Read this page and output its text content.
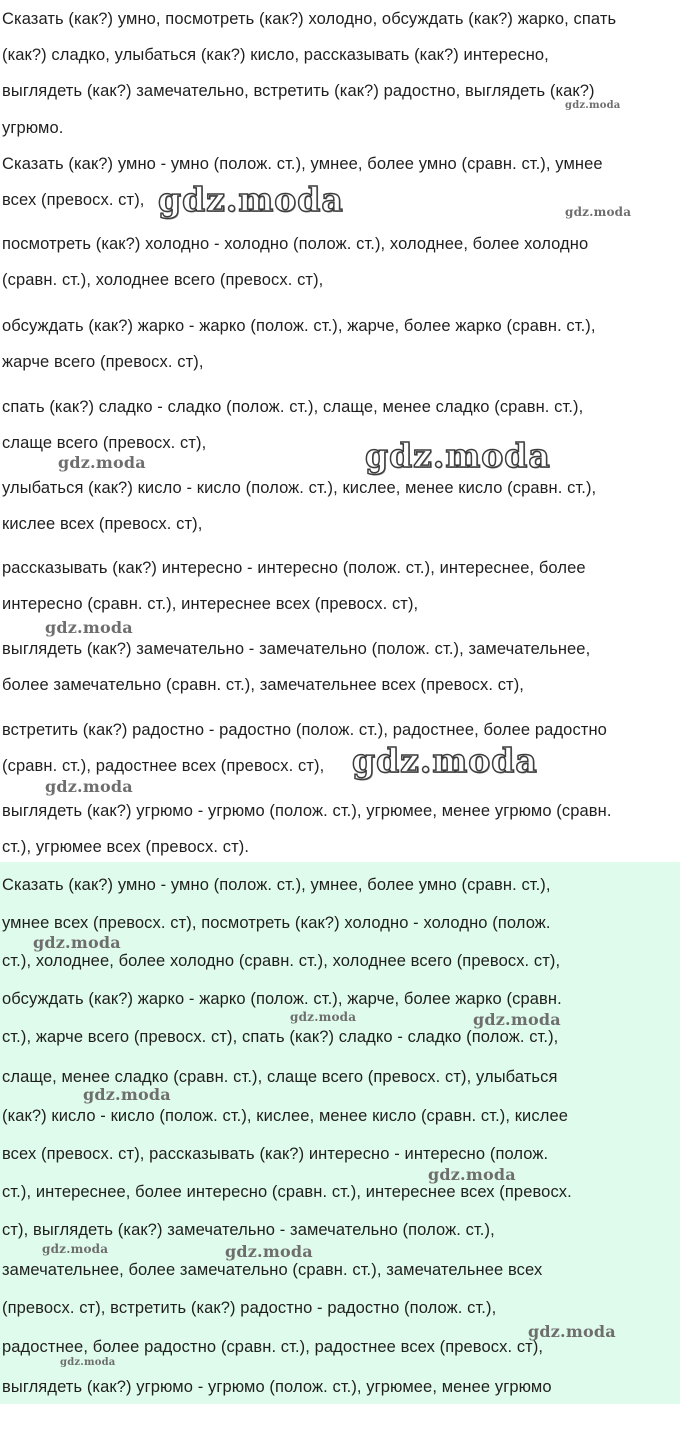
Сказать (как?) умно, посмотреть (как?) холодно, обсуждать (как?) жарко, спать

(как?) сладко, улыбаться (как?) кисло, рассказывать (как?) интересно,

выглядеть (как?) замечательно, встретить (как?) радостно, выглядеть (как?)

угрюмо.

Сказать (как?) умно - умно (полож. ст.), умнее, более умно (сравн. ст.), умнее

всех (превосх. ст),

посмотреть (как?) холодно - холодно (полож. ст.), холоднее, более холодно

(сравн. ст.), холоднее всего (превосх. ст),

обсуждать (как?) жарко - жарко (полож. ст.), жарче, более жарко (сравн. ст.),

жарче всего (превосх. ст),

спать (как?) сладко - сладко (полож. ст.), слаще, менее сладко (сравн. ст.),

слаще всего (превосх. ст),

улыбаться (как?) кисло - кисло (полож. ст.), кислее, менее кисло (сравн. ст.),

кислее всех (превосх. ст),

рассказывать (как?) интересно - интересно (полож. ст.), интереснее, более

интересно (сравн. ст.), интереснее всех (превосх. ст),

выглядеть (как?) замечательно - замечательно (полож. ст.), замечательнее,

более замечательно (сравн. ст.), замечательнее всех (превосх. ст),

встретить (как?) радостно - радостно (полож. ст.), радостнее, более радостно

(сравн. ст.), радостнее всех (превосх. ст),

выглядеть (как?) угрюмо - угрюмо (полож. ст.), угрюмее, менее угрюмо (сравн.

ст.), угрюмее всех (превосх. ст).

Сказать (как?) умно - умно (полож. ст.), умнее, более умно (сравн. ст.),

умнее всех (превосх. ст), посмотреть (как?) холодно - холодно (полож.

ст.), холоднее, более холодно (сравн. ст.), холоднее всего (превосх. ст),

обсуждать (как?) жарко - жарко (полож. ст.), жарче, более жарко (сравн.

ст.), жарче всего (превосх. ст), спать (как?) сладко - сладко (полож. ст.),

слаще, менее сладко (сравн. ст.), слаще всего (превосх. ст), улыбаться

(как?) кисло - кисло (полож. ст.), кислее, менее кисло (сравн. ст.), кислее

всех (превосх. ст), рассказывать (как?) интересно - интересно (полож.

ст.), интереснее, более интересно (сравн. ст.), интереснее всех (превосх.

ст), выглядеть (как?) замечательно - замечательно (полож. ст.),

замечательнее, более замечательно (сравн. ст.), замечательнее всех

(превосх. ст), встретить (как?) радостно - радостно (полож. ст.),

радостнее, более радостно (сравн. ст.), радостнее всех (превосх. ст),

выглядеть (как?) угрюмо - угрюмо (полож. ст.), угрюмее, менее угрюмо

gdz.moda
gdz.moda	gdz.moda
gdz.moda
gdz.moda
gdz.moda
gdz.moda
gdz.moda
gdz.moda
gdz.moda	gdz.moda
gdz.moda
gdz.moda
gdz.moda	gdz.moda
gdz.moda
gdz.moda
